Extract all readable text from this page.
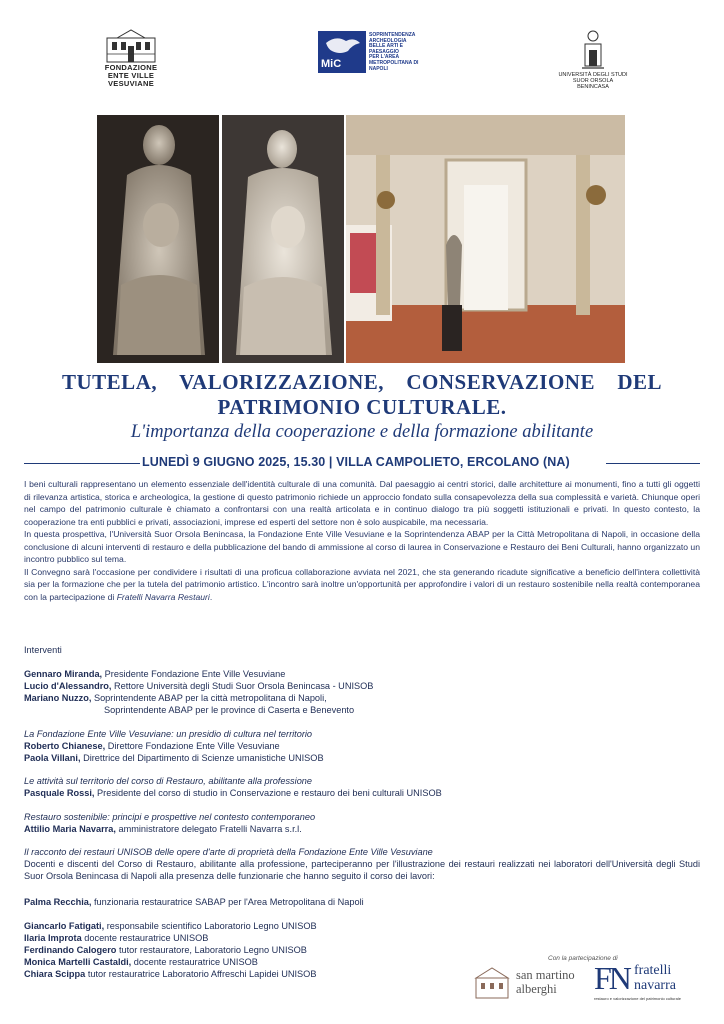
FONDAZIONE
ENTE VILLE
VESUVIANE
MiC
SOPRINTENDENZA
ARCHEOLOGIA
BELLE ARTI E
PAESAGGIO
PER L'AREA
METROPOLITANA DI
NAPOLI
UNIVERSITÀ DEGLI STUDI
SUOR ORSOLA
BENINCASA
TUTELA, VALORIZZAZIONE, CONSERVAZIONE DEL
PATRIMONIO CULTURALE.
L'importanza della cooperazione e della formazione abilitante
LUNEDÌ 9 GIUGNO 2025, 15.30 | VILLA CAMPOLIETO, ERCOLANO (NA)

I beni culturali rappresentano un elemento essenziale dell'identità culturale di una comunità. Dal paesaggio ai centri storici, dalle architetture ai monumenti, fino a tutti gli oggetti di rilevanza artistica, storica e archeologica, la gestione di questo patrimonio richiede un approccio fondato sulla consapevolezza della sua complessità e varietà. Chiunque operi nel campo del patrimonio culturale è chiamato a confrontarsi con una realtà articolata e in continuo dialogo tra più soggetti istituzionali e privati. In questo contesto, la cooperazione tra enti pubblici e privati, associazioni, imprese ed esperti del settore non è solo auspicabile, ma necessaria.

In questa prospettiva, l'Università Suor Orsola Benincasa, la Fondazione Ente Ville Vesuviane e la Soprintendenza ABAP per la Città Metropolitana di Napoli, in occasione della conclusione di alcuni interventi di restauro e della pubblicazione del bando di ammissione al corso di laurea in Conservazione e Restauro dei Beni Culturali, hanno organizzato un incontro pubblico sul tema.

Il Convegno sarà l'occasione per condividere i risultati di una proficua collaborazione avviata nel 2021, che sta generando ricadute significative a beneficio dell'intera collettività sia per la formazione che per la tutela del patrimonio artistico. L'incontro sarà inoltre un'opportunità per approfondire i valori di un restauro sostenibile nella realtà contemporanea con la partecipazione di Fratelli Navarra Restauri.

Interventi
Gennaro Miranda, Presidente Fondazione Ente Ville Vesuviane
Lucio d'Alessandro, Rettore Università degli Studi Suor Orsola Benincasa - UNISOB
Mariano Nuzzo, Soprintendente ABAP per la città metropolitana di Napoli,
Soprintendente ABAP per le province di Caserta e Benevento
La Fondazione Ente Ville Vesuviane: un presidio di cultura nel territorio
Roberto Chianese, Direttore Fondazione Ente Ville Vesuviane
Paola Villani, Direttrice del Dipartimento di Scienze umanistiche UNISOB
Le attività sul territorio del corso di Restauro, abilitante alla professione
Pasquale Rossi, Presidente del corso di studio in Conservazione e restauro dei beni culturali UNISOB
Restauro sostenibile: principi e prospettive nel contesto contemporaneo
Attilio Maria Navarra, amministratore delegato Fratelli Navarra s.r.l.
Il racconto dei restauri UNISOB delle opere d'arte di proprietà della Fondazione Ente Ville Vesuviane
Docenti e discenti del Corso di Restauro, abilitante alla professione, parteciperanno per l'illustrazione dei restauri realizzati nei laboratori dell'Università degli Studi Suor Orsola Benincasa di Napoli alla presenza delle funzionarie che hanno seguito il corso dei lavori:
Palma Recchia, funzionaria restauratrice SABAP per l'Area Metropolitana di Napoli
Giancarlo Fatigati, responsabile scientifico Laboratorio Legno UNISOB
Ilaria Improta docente restauratrice UNISOB
Ferdinando Calogero tutor restauratore, Laboratorio Legno UNISOB
Monica Martelli Castaldi, docente restauratrice UNISOB
Chiara Scippa tutor restauratrice Laboratorio Affreschi Lapidei UNISOB
Con la partecipazione di
san martino
alberghi FN fratelli
navarra
restauro e valorizzazione del patrimonio culturale
